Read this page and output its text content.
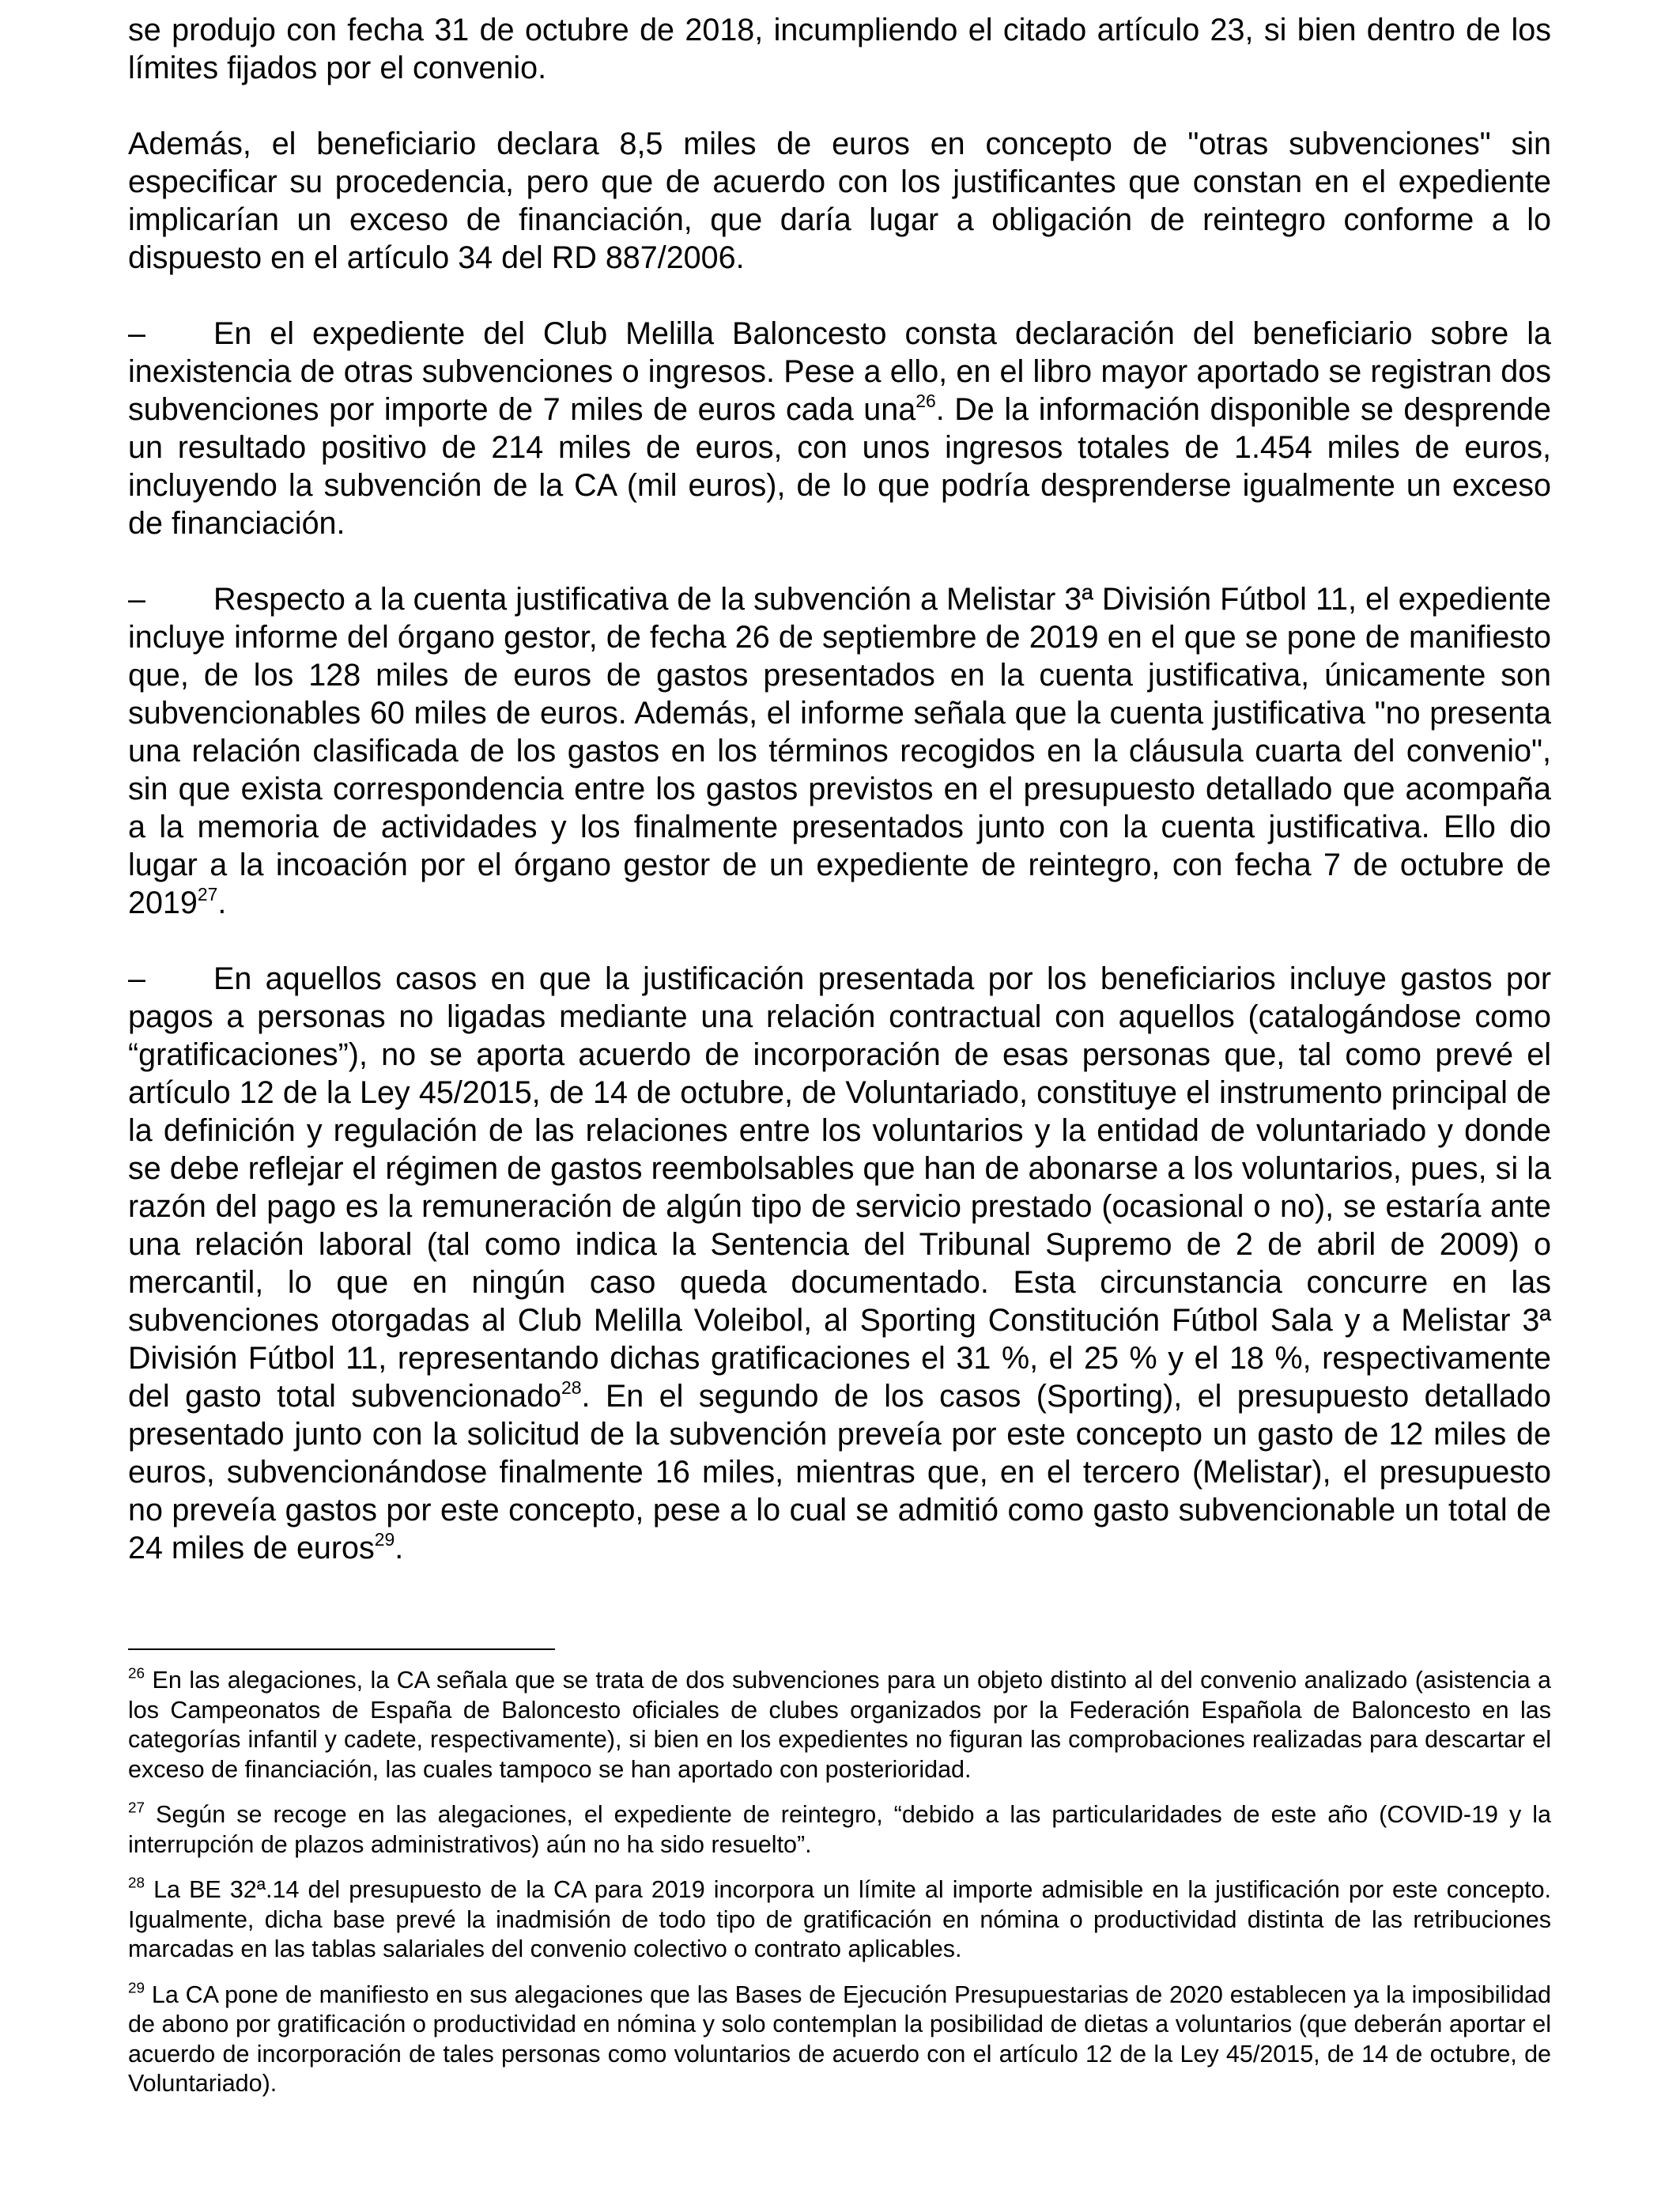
se produjo con fecha 31 de octubre de 2018, incumpliendo el citado artículo 23, si bien dentro de los límites fijados por el convenio.

Además, el beneficiario declara 8,5 miles de euros en concepto de "otras subvenciones" sin especificar su procedencia, pero que de acuerdo con los justificantes que constan en el expediente implicarían un exceso de financiación, que daría lugar a obligación de reintegro conforme a lo dispuesto en el artículo 34 del RD 887/2006.

– En el expediente del Club Melilla Baloncesto consta declaración del beneficiario sobre la inexistencia de otras subvenciones o ingresos. Pese a ello, en el libro mayor aportado se registran dos subvenciones por importe de 7 miles de euros cada una$^{26}$. De la información disponible se desprende un resultado positivo de 214 miles de euros, con unos ingresos totales de 1.454 miles de euros, incluyendo la subvención de la CA (mil euros), de lo que podría desprenderse igualmente un exceso de financiación.

– Respecto a la cuenta justificativa de la subvención a Melistar 3ª División Fútbol 11, el expediente incluye informe del órgano gestor, de fecha 26 de septiembre de 2019 en el que se pone de manifiesto que, de los 128 miles de euros de gastos presentados en la cuenta justificativa, únicamente son subvencionables 60 miles de euros. Además, el informe señala que la cuenta justificativa "no presenta una relación clasificada de los gastos en los términos recogidos en la cláusula cuarta del convenio", sin que exista correspondencia entre los gastos previstos en el presupuesto detallado que acompaña a la memoria de actividades y los finalmente presentados junto con la cuenta justificativa. Ello dio lugar a la incoación por el órgano gestor de un expediente de reintegro, con fecha 7 de octubre de 2019$^{27}$.

– En aquellos casos en que la justificación presentada por los beneficiarios incluye gastos por pagos a personas no ligadas mediante una relación contractual con aquellos (catalogándose como “gratificaciones”), no se aporta acuerdo de incorporación de esas personas que, tal como prevé el artículo 12 de la Ley 45/2015, de 14 de octubre, de Voluntariado, constituye el instrumento principal de la definición y regulación de las relaciones entre los voluntarios y la entidad de voluntariado y donde se debe reflejar el régimen de gastos reembolsables que han de abonarse a los voluntarios, pues, si la razón del pago es la remuneración de algún tipo de servicio prestado (ocasional o no), se estaría ante una relación laboral (tal como indica la Sentencia del Tribunal Supremo de 2 de abril de 2009) o mercantil, lo que en ningún caso queda documentado. Esta circunstancia concurre en las subvenciones otorgadas al Club Melilla Voleibol, al Sporting Constitución Fútbol Sala y a Melistar 3ª División Fútbol 11, representando dichas gratificaciones el 31 %, el 25 % y el 18 %, respectivamente del gasto total subvencionado$^{28}$. En el segundo de los casos (Sporting), el presupuesto detallado presentado junto con la solicitud de la subvención preveía por este concepto un gasto de 12 miles de euros, subvencionándose finalmente 16 miles, mientras que, en el tercero (Melistar), el presupuesto no preveía gastos por este concepto, pese a lo cual se admitió como gasto subvencionable un total de 24 miles de euros$^{29}$.

$^{26}$ En las alegaciones, la CA señala que se trata de dos subvenciones para un objeto distinto al del convenio analizado (asistencia a los Campeonatos de España de Baloncesto oficiales de clubes organizados por la Federación Española de Baloncesto en las categorías infantil y cadete, respectivamente), si bien en los expedientes no figuran las comprobaciones realizadas para descartar el exceso de financiación, las cuales tampoco se han aportado con posterioridad.

$^{27}$ Según se recoge en las alegaciones, el expediente de reintegro, “debido a las particularidades de este año (COVID-19 y la interrupción de plazos administrativos) aún no ha sido resuelto”.

$^{28}$ La BE 32ª.14 del presupuesto de la CA para 2019 incorpora un límite al importe admisible en la justificación por este concepto. Igualmente, dicha base prevé la inadmisión de todo tipo de gratificación en nómina o productividad distinta de las retribuciones marcadas en las tablas salariales del convenio colectivo o contrato aplicables.

$^{29}$ La CA pone de manifiesto en sus alegaciones que las Bases de Ejecución Presupuestarias de 2020 establecen ya la imposibilidad de abono por gratificación o productividad en nómina y solo contemplan la posibilidad de dietas a voluntarios (que deberán aportar el acuerdo de incorporación de tales personas como voluntarios de acuerdo con el artículo 12 de la Ley 45/2015, de 14 de octubre, de Voluntariado).
